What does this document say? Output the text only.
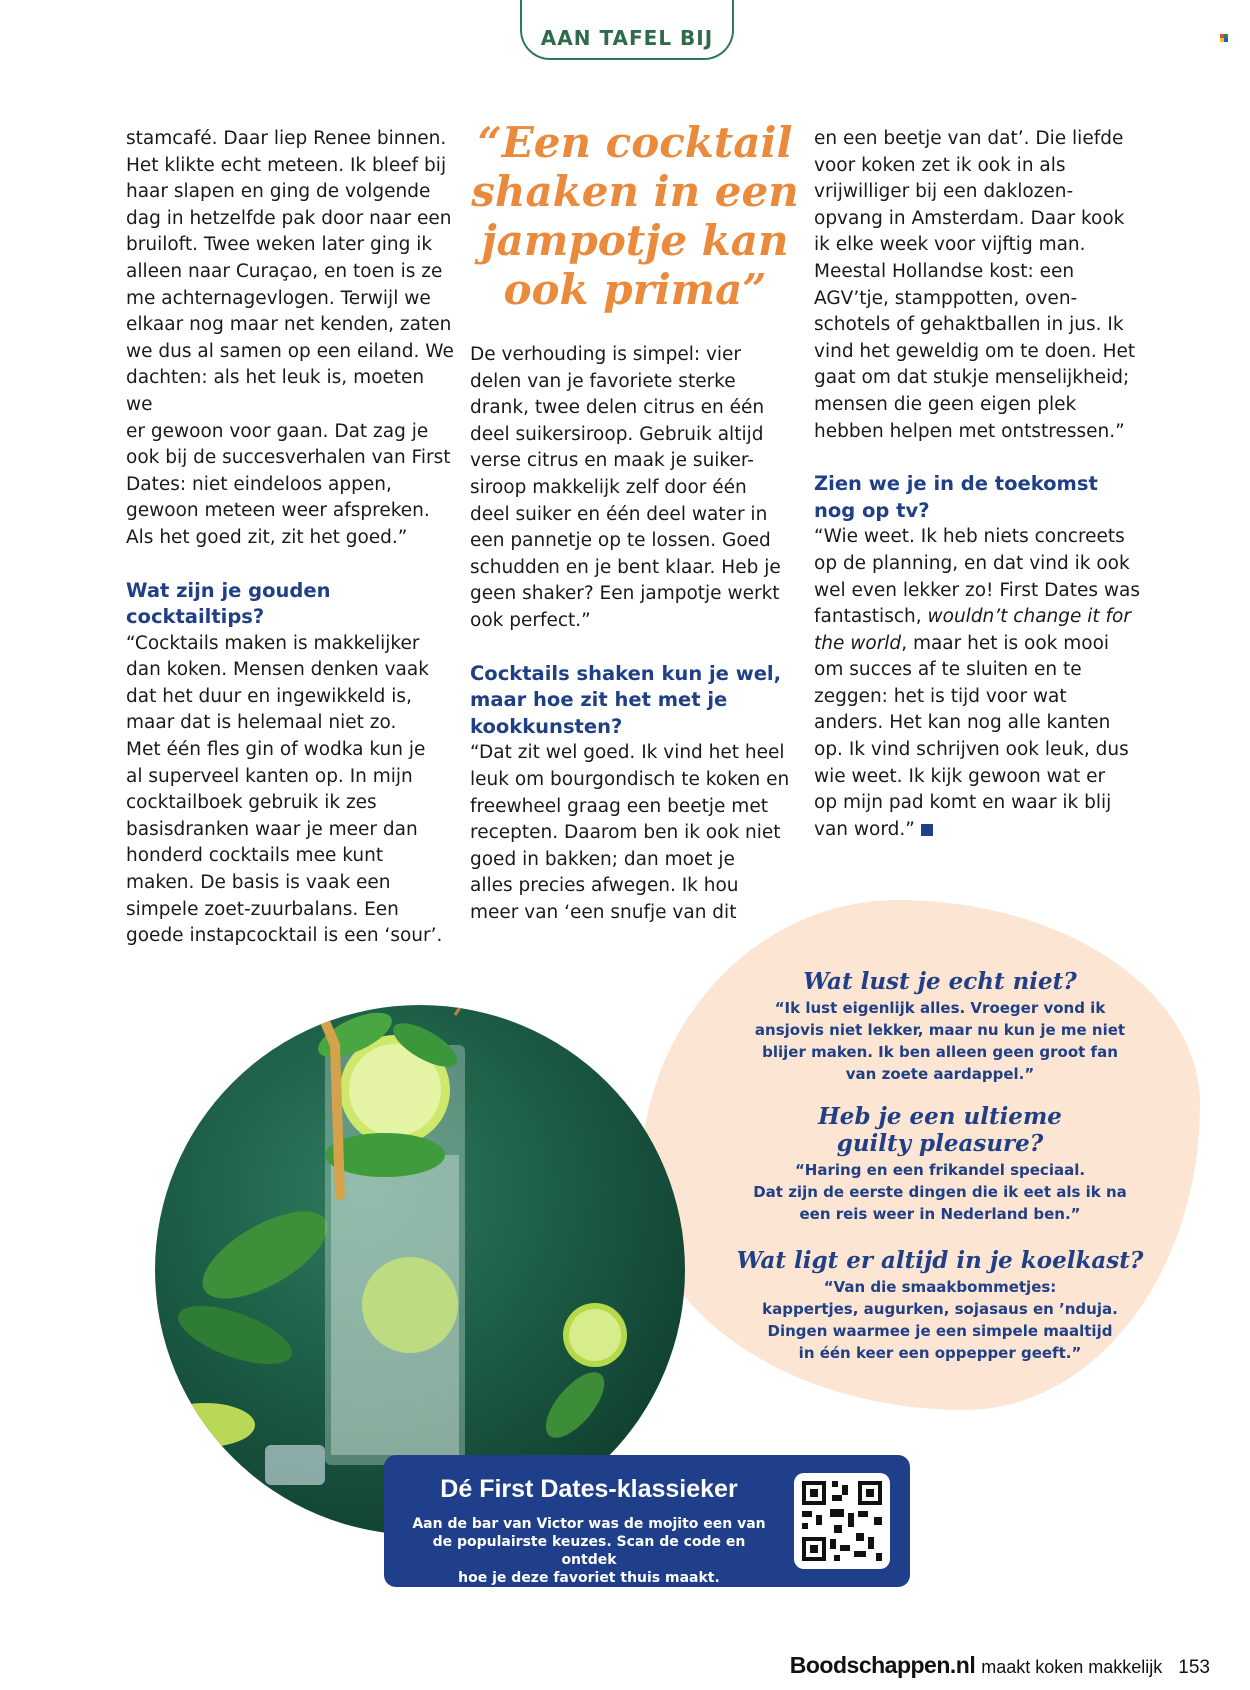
AAN TAFEL BIJ

stamcafé. Daar liep Renee binnen.
Het klikte echt meteen. Ik bleef bij
haar slapen en ging de volgende
dag in hetzelfde pak door naar een
bruiloft. Twee weken later ging ik
alleen naar Curaçao, en toen is ze
me achternagevlogen. Terwijl we
elkaar nog maar net kenden, zaten
we dus al samen op een eiland. We
dachten: als het leuk is, moeten we
er gewoon voor gaan. Dat zag je
ook bij de succesverhalen van First
Dates: niet eindeloos appen,
gewoon meteen weer afspreken.
Als het goed zit, zit het goed.”

Wat zijn je gouden
cocktailtips?

“Cocktails maken is makkelijker
dan koken. Mensen denken vaak
dat het duur en ingewikkeld is,
maar dat is helemaal niet zo.
Met één fles gin of wodka kun je
al superveel kanten op. In mijn
cocktailboek gebruik ik zes
basisdranken waar je meer dan
honderd cocktails mee kunt
maken. De basis is vaak een
simpele zoet-zuurbalans. Een
goede instapcocktail is een ‘sour’.

“Een cocktail
shaken in een
jampotje kan
ook prima”

De verhouding is simpel: vier
delen van je favoriete sterke
drank, twee delen citrus en één
deel suikersiroop. Gebruik altijd
verse citrus en maak je suiker-
siroop makkelijk zelf door één
deel suiker en één deel water in
een pannetje op te lossen. Goed
schudden en je bent klaar. Heb je
geen shaker? Een jampotje werkt
ook perfect.”

Cocktails shaken kun je wel,
maar hoe zit het met je
kookkunsten?

“Dat zit wel goed. Ik vind het heel
leuk om bourgondisch te koken en
freewheel graag een beetje met
recepten. Daarom ben ik ook niet
goed in bakken; dan moet je
alles precies afwegen. Ik hou
meer van ‘een snufje van dit

en een beetje van dat’. Die liefde
voor koken zet ik ook in als
vrijwilliger bij een daklozen-
opvang in Amsterdam. Daar kook
ik elke week voor vijftig man.
Meestal Hollandse kost: een
AGV’tje, stamppotten, oven-
schotels of gehaktballen in jus. Ik
vind het geweldig om te doen. Het
gaat om dat stukje menselijkheid;
mensen die geen eigen plek
hebben helpen met ontstressen.”

Zien we je in de toekomst
nog op tv?

“Wie weet. Ik heb niets concreets
op de planning, en dat vind ik ook
wel even lekker zo! First Dates was
fantastisch, wouldn’t change it for
the world, maar het is ook mooi
om succes af te sluiten en te
zeggen: het is tijd voor wat
anders. Het kan nog alle kanten
op. Ik vind schrijven ook leuk, dus
wie weet. Ik kijk gewoon wat er
op mijn pad komt en waar ik blij
van word.”

Wat lust je echt niet?

“Ik lust eigenlijk alles. Vroeger vond ik
ansjovis niet lekker, maar nu kun je me niet
blijer maken. Ik ben alleen geen groot fan
van zoete aardappel.”

Heb je een ultieme
guilty pleasure?

“Haring en een frikandel speciaal.
Dat zijn de eerste dingen die ik eet als ik na
een reis weer in Nederland ben.”

Wat ligt er altijd in je koelkast?

“Van die smaakbommetjes:
kappertjes, augurken, sojasaus en ’nduja.
Dingen waarmee je een simpele maaltijd
in één keer een oppepper geeft.”

Dé First Dates-klassieker
Aan de bar van Victor was de mojito een van
de populairste keuzes. Scan de code en ontdek
hoe je deze favoriet thuis maakt.
Boodschappen.nl maakt koken makkelijk 153
